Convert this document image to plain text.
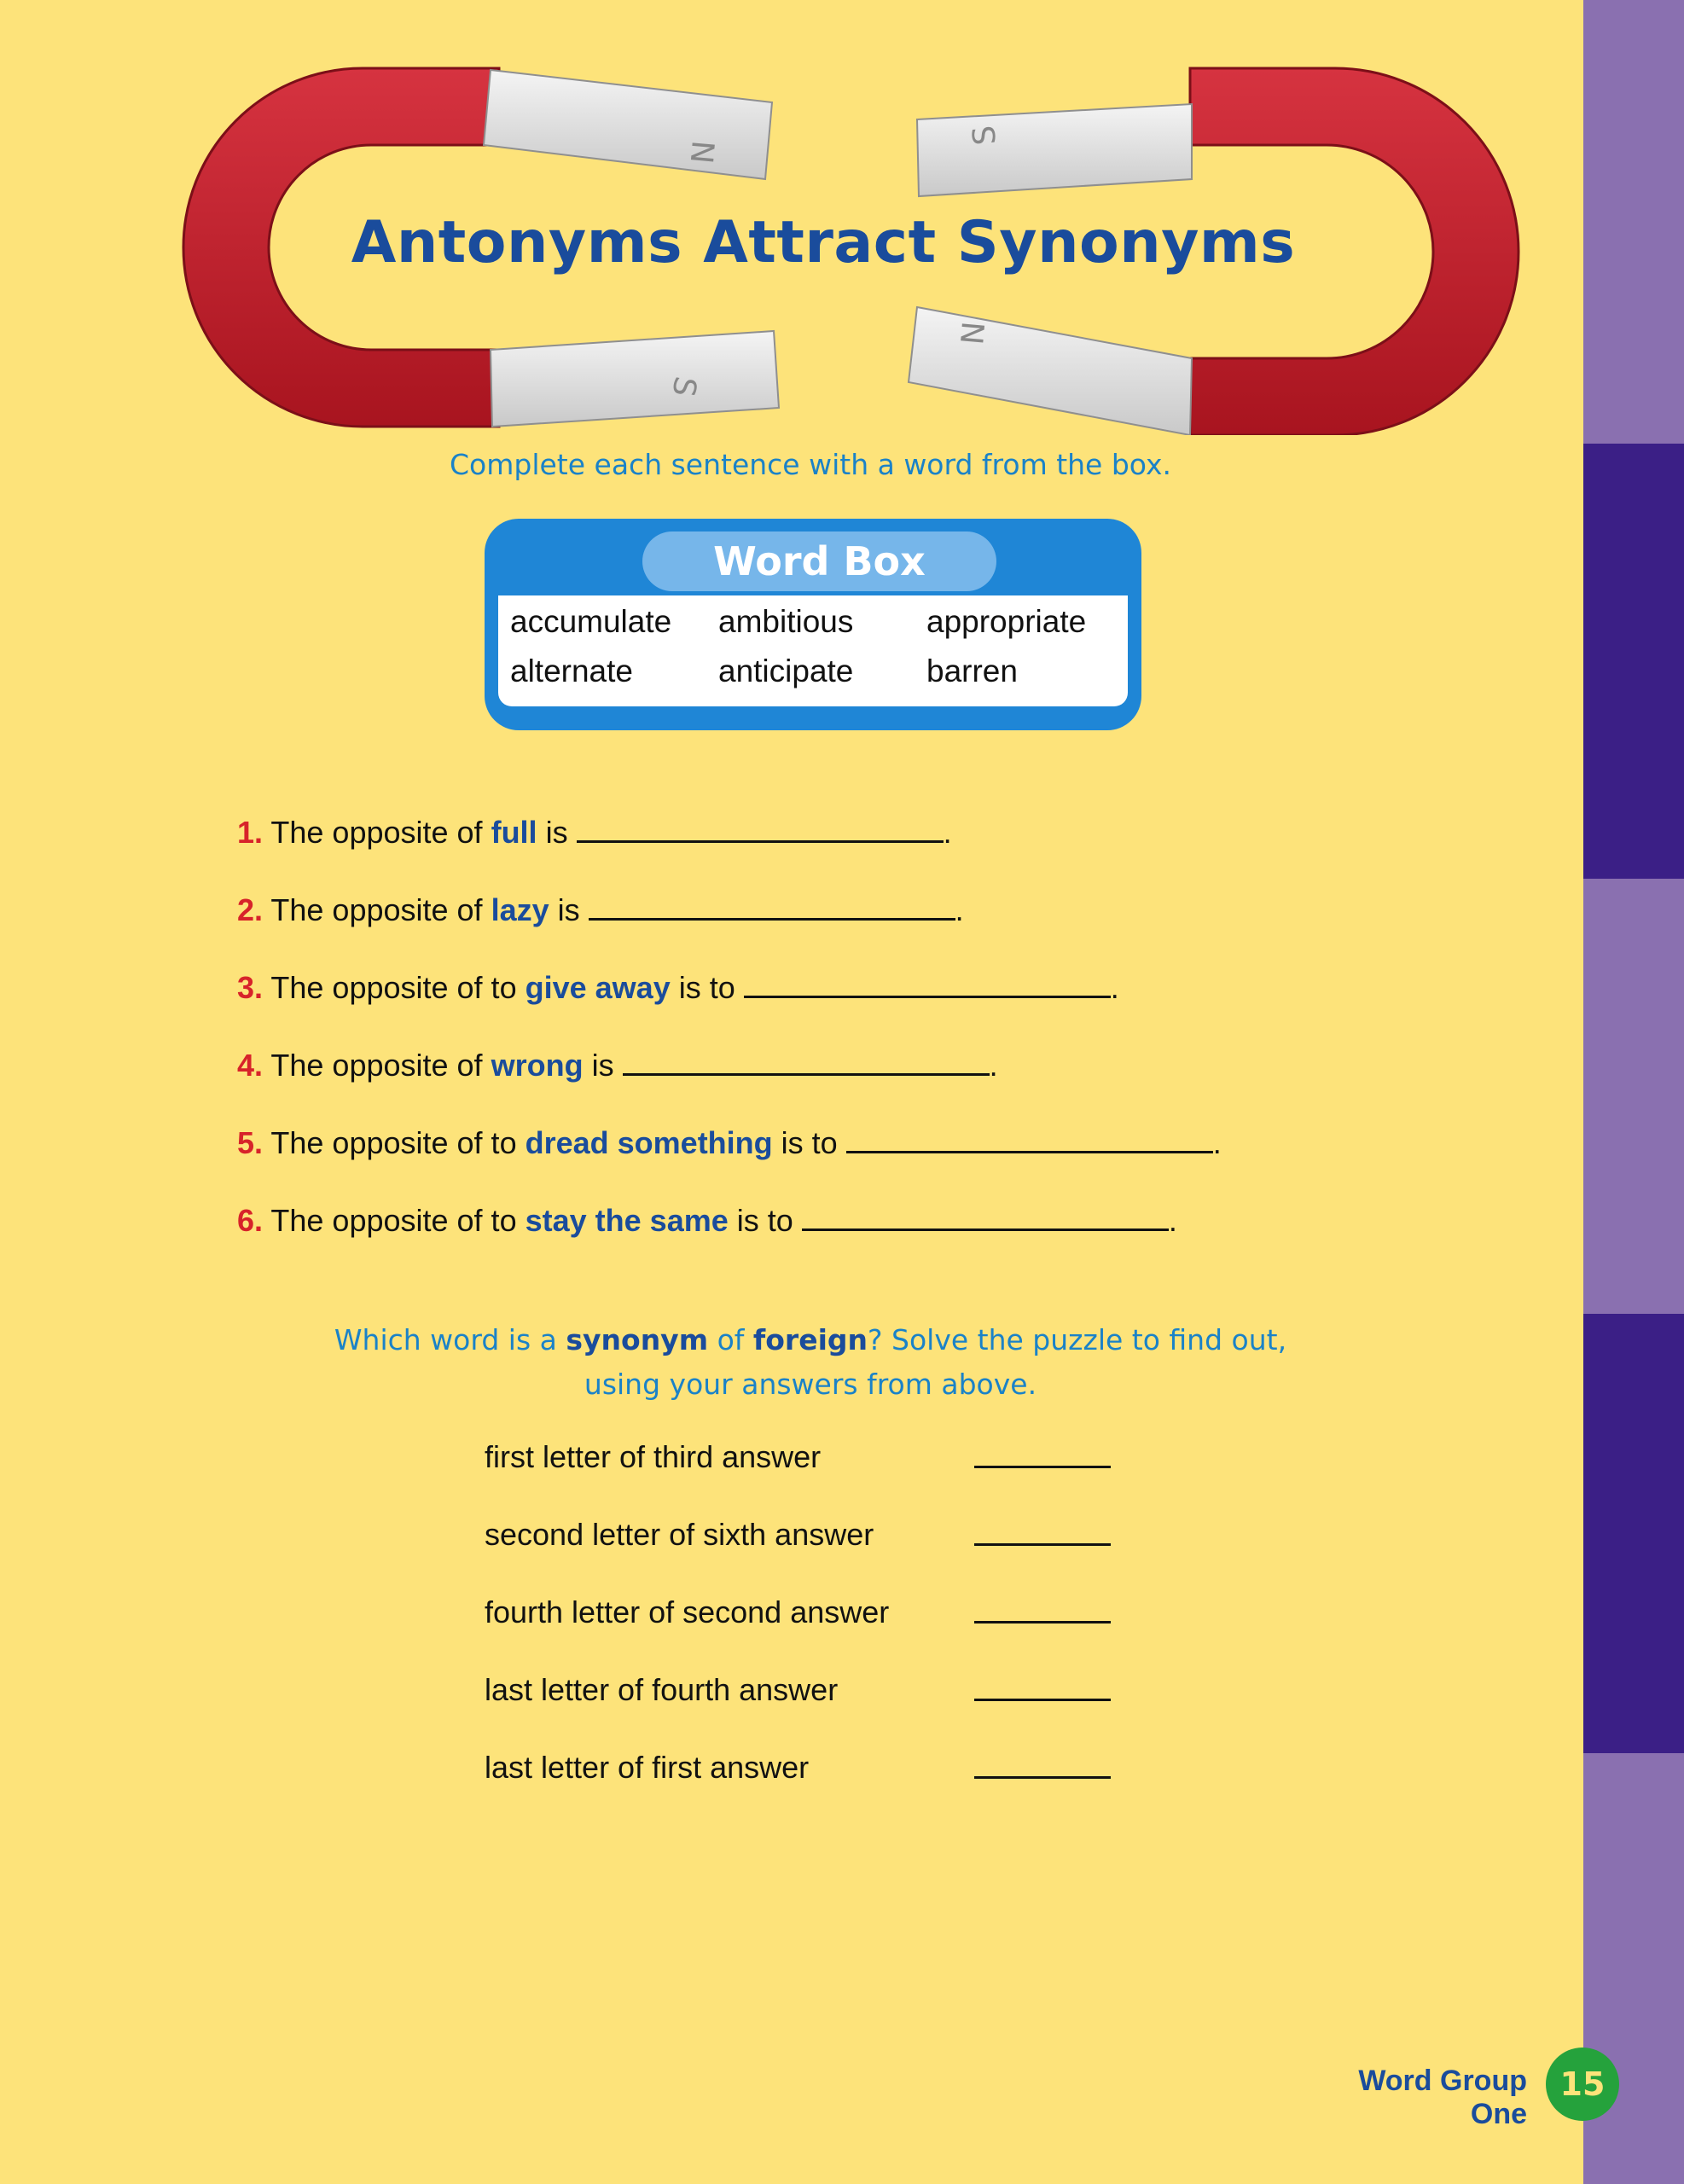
N
S
S
N
Antonyms Attract Synonyms
Complete each sentence with a word from the box.
Word Box
accumulate ambitious appropriate
alternate	anticipate barren
1. The opposite of full is	.
2. The opposite of lazy is	.
3. The opposite of to give away is to	.
4. The opposite of wrong is	.
5. The opposite of to dread something is to	.
6. The opposite of to stay the same is to	.
Which word is a synonym of foreign? Solve the puzzle to find out,
using your answers from above.
first letter of third answer
second letter of sixth answer
fourth letter of second answer
last letter of fourth answer
last letter of first answer
Word Group One
15
